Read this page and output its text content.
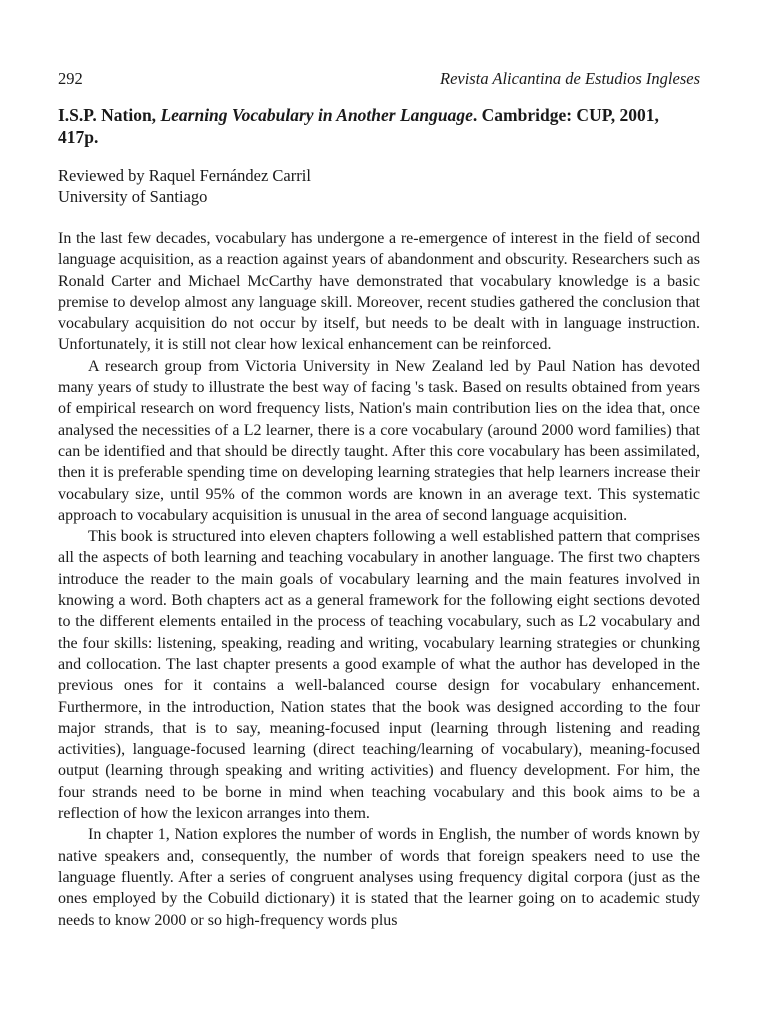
292	Revista Alicantina de Estudios Ingleses
I.S.P. Nation, Learning Vocabulary in Another Language. Cambridge: CUP, 2001, 417p.
Reviewed by Raquel Fernández Carril
University of Santiago

In the last few decades, vocabulary has undergone a re-emergence of interest in the field of second language acquisition, as a reaction against years of abandonment and obscurity. Researchers such as Ronald Carter and Michael McCarthy have demonstrated that vocabulary knowledge is a basic premise to develop almost any language skill. Moreover, recent studies gathered the conclusion that vocabulary acquisition do not occur by itself, but needs to be dealt with in language instruction. Unfortunately, it is still not clear how lexical enhancement can be reinforced.

A research group from Victoria University in New Zealand led by Paul Nation has devoted many years of study to illustrate the best way of facing 's task. Based on results obtained from years of empirical research on word frequency lists, Nation's main contribution lies on the idea that, once analysed the necessities of a L2 learner, there is a core vocabulary (around 2000 word families) that can be identified and that should be directly taught. After this core vocabulary has been assimilated, then it is preferable spending time on developing learning strategies that help learners increase their vocabulary size, until 95% of the common words are known in an average text. This systematic approach to vocabulary acquisition is unusual in the area of second language acquisition.

This book is structured into eleven chapters following a well established pattern that comprises all the aspects of both learning and teaching vocabulary in another language. The first two chapters introduce the reader to the main goals of vocabulary learning and the main features involved in knowing a word. Both chapters act as a general framework for the following eight sections devoted to the different elements entailed in the process of teaching vocabulary, such as L2 vocabulary and the four skills: listening, speaking, reading and writing, vocabulary learning strategies or chunking and collocation. The last chapter presents a good example of what the author has developed in the previous ones for it contains a well-balanced course design for vocabulary enhancement. Furthermore, in the introduction, Nation states that the book was designed according to the four major strands, that is to say, meaning-focused input (learning through listening and reading activities), language-focused learning (direct teaching/learning of vocabulary), meaning-focused output (learning through speaking and writing activities) and fluency development. For him, the four strands need to be borne in mind when teaching vocabulary and this book aims to be a reflection of how the lexicon arranges into them.

In chapter 1, Nation explores the number of words in English, the number of words known by native speakers and, consequently, the number of words that foreign speakers need to use the language fluently. After a series of congruent analyses using frequency digital corpora (just as the ones employed by the Cobuild dictionary) it is stated that the learner going on to academic study needs to know 2000 or so high-frequency words plus
